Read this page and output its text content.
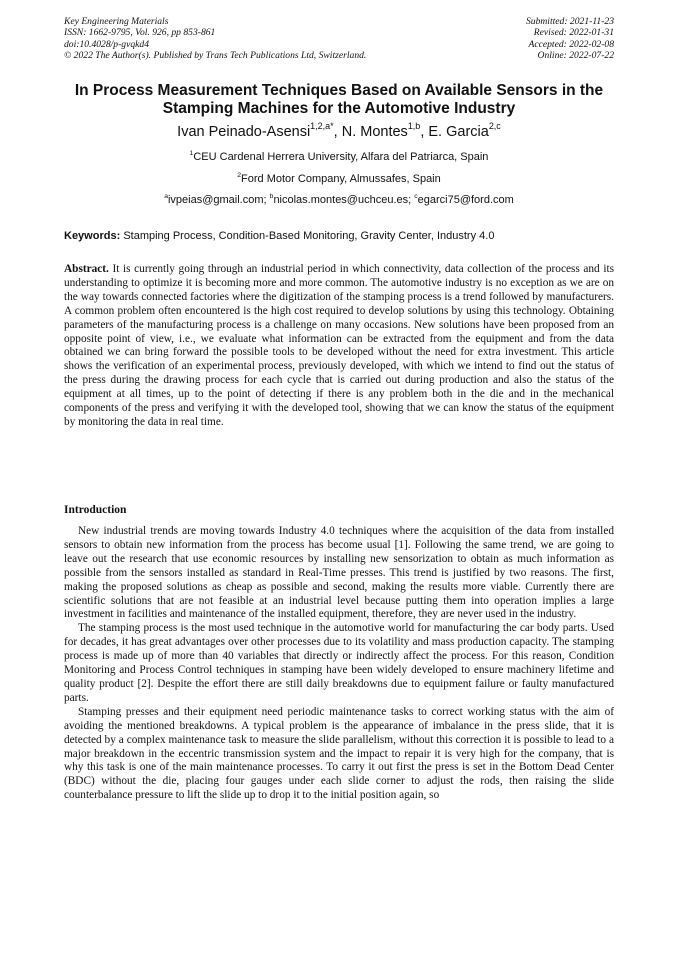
Key Engineering Materials
ISSN: 1662-9795, Vol. 926, pp 853-861
doi:10.4028/p-gvqkd4
© 2022 The Author(s). Published by Trans Tech Publications Ltd, Switzerland.
Submitted: 2021-11-23
Revised: 2022-01-31
Accepted: 2022-02-08
Online: 2022-07-22
In Process Measurement Techniques Based on Available Sensors in the Stamping Machines for the Automotive Industry
Ivan Peinado-Asensi$^{1,2,a*}$, N. Montes$^{1,b}$, E. Garcia$^{2,c}$
$^1$CEU Cardenal Herrera University, Alfara del Patriarca, Spain
$^2$Ford Motor Company, Almussafes, Spain
$^a$ivpeias@gmail.com; $^b$nicolas.montes@uchceu.es; $^c$egarci75@ford.com
Keywords: Stamping Process, Condition-Based Monitoring, Gravity Center, Industry 4.0
Abstract. It is currently going through an industrial period in which connectivity, data collection of the process and its understanding to optimize it is becoming more and more common. The automotive industry is no exception as we are on the way towards connected factories where the digitization of the stamping process is a trend followed by manufacturers. A common problem often encountered is the high cost required to develop solutions by using this technology. Obtaining parameters of the manufacturing process is a challenge on many occasions. New solutions have been proposed from an opposite point of view, i.e., we evaluate what information can be extracted from the equipment and from the data obtained we can bring forward the possible tools to be developed without the need for extra investment. This article shows the verification of an experimental process, previously developed, with which we intend to find out the status of the press during the drawing process for each cycle that is carried out during production and also the status of the equipment at all times, up to the point of detecting if there is any problem both in the die and in the mechanical components of the press and verifying it with the developed tool, showing that we can know the status of the equipment by monitoring the data in real time.
Introduction

New industrial trends are moving towards Industry 4.0 techniques where the acquisition of the data from installed sensors to obtain new information from the process has become usual [1]. Following the same trend, we are going to leave out the research that use economic resources by installing new sensorization to obtain as much information as possible from the sensors installed as standard in Real-Time presses. This trend is justified by two reasons. The first, making the proposed solutions as cheap as possible and second, making the results more viable. Currently there are scientific solutions that are not feasible at an industrial level because putting them into operation implies a large investment in facilities and maintenance of the installed equipment, therefore, they are never used in the industry.

The stamping process is the most used technique in the automotive world for manufacturing the car body parts. Used for decades, it has great advantages over other processes due to its volatility and mass production capacity. The stamping process is made up of more than 40 variables that directly or indirectly affect the process. For this reason, Condition Monitoring and Process Control techniques in stamping have been widely developed to ensure machinery lifetime and quality product [2]. Despite the effort there are still daily breakdowns due to equipment failure or faulty manufactured parts.

Stamping presses and their equipment need periodic maintenance tasks to correct working status with the aim of avoiding the mentioned breakdowns. A typical problem is the appearance of imbalance in the press slide, that it is detected by a complex maintenance task to measure the slide parallelism, without this correction it is possible to lead to a major breakdown in the eccentric transmission system and the impact to repair it is very high for the company, that is why this task is one of the main maintenance processes. To carry it out first the press is set in the Bottom Dead Center (BDC) without the die, placing four gauges under each slide corner to adjust the rods, then raising the slide counterbalance pressure to lift the slide up to drop it to the initial position again, so
